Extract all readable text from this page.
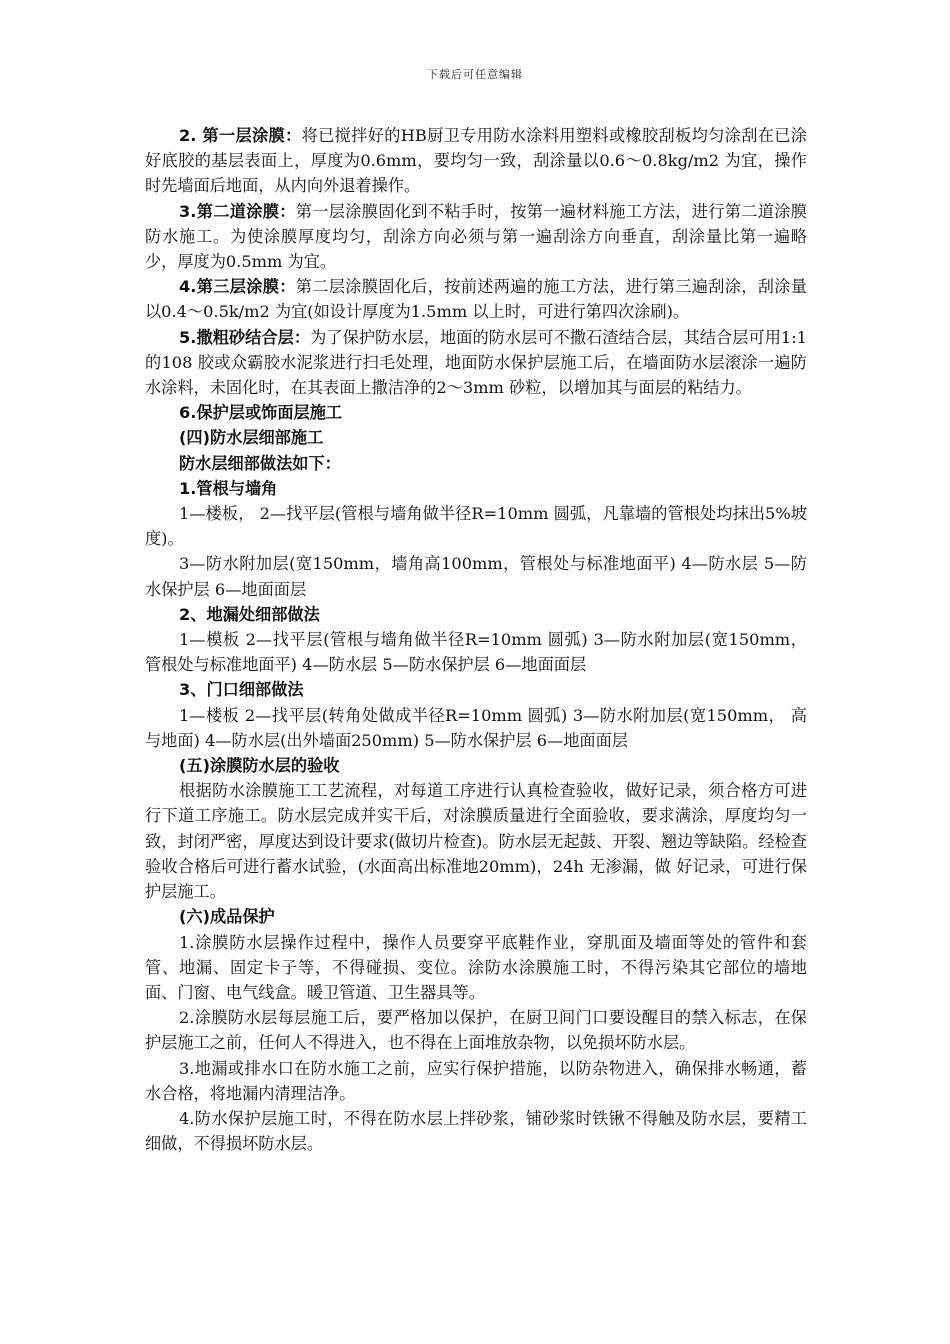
下载后可任意编辑

2. 第一层涂膜：将已搅拌好的HB厨卫专用防水涂料用塑料或橡胶刮板均匀涂刮在已涂好底胶的基层表面上，厚度为0.6mm，要均匀一致，刮涂量以0.6～0.8kg/m2 为宜，操作时先墙面后地面，从内向外退着操作。

3.第二道涂膜：第一层涂膜固化到不粘手时，按第一遍材料施工方法，进行第二道涂膜防水施工。为使涂膜厚度均匀，刮涂方向必须与第一遍刮涂方向垂直，刮涂量比第一遍略少，厚度为0.5mm 为宜。

4.第三层涂膜：第二层涂膜固化后，按前述两遍的施工方法，进行第三遍刮涂，刮涂量以0.4～0.5k/m2 为宜(如设计厚度为1.5mm 以上时，可进行第四次涂刷)。

5.撒粗砂结合层：为了保护防水层，地面的防水层可不撒石渣结合层，其结合层可用1:1 的108 胶或众霸胶水泥浆进行扫毛处理，地面防水保护层施工后，在墙面防水层滚涂一遍防水涂料，未固化时，在其表面上撒洁净的2～3mm 砂粒，以增加其与面层的粘结力。

6.保护层或饰面层施工

(四)防水层细部施工

防水层细部做法如下：

1.管根与墙角

1—楼板， 2—找平层(管根与墙角做半径R=10mm 圆弧，凡靠墙的管根处均抹出5%坡度)。

3—防水附加层(宽150mm，墙角高100mm，管根处与标准地面平) 4—防水层 5—防水保护层 6—地面面层

2、地漏处细部做法

1—模板 2—找平层(管根与墙角做半径R=10mm 圆弧) 3—防水附加层(宽150mm， 管根处与标准地面平) 4—防水层 5—防水保护层 6—地面面层

3、门口细部做法

1—楼板 2—找平层(转角处做成半径R=10mm 圆弧) 3—防水附加层(宽150mm， 高与地面) 4—防水层(出外墙面250mm) 5—防水保护层 6—地面面层

(五)涂膜防水层的验收

根据防水涂膜施工工艺流程，对每道工序进行认真检查验收，做好记录，须合格方可进行下道工序施工。防水层完成并实干后，对涂膜质量进行全面验收，要求满涂，厚度均匀一致，封闭严密，厚度达到设计要求(做切片检查)。防水层无起鼓、开裂、翘边等缺陷。经检查验收合格后可进行蓄水试验，(水面高出标准地20mm)，24h 无渗漏，做 好记录，可进行保护层施工。

(六)成品保护

1.涂膜防水层操作过程中，操作人员要穿平底鞋作业，穿肌面及墙面等处的管件和套管、地漏、固定卡子等，不得碰损、变位。涂防水涂膜施工时，不得污染其它部位的墙地面、门窗、电气线盒。暖卫管道、卫生器具等。

2.涂膜防水层每层施工后，要严格加以保护，在厨卫间门口要设醒目的禁入标志，在保护层施工之前，任何人不得进入，也不得在上面堆放杂物，以免损坏防水层。

3.地漏或排水口在防水施工之前，应实行保护措施，以防杂物进入，确保排水畅通，蓄水合格，将地漏内清理洁净。

4.防水保护层施工时，不得在防水层上拌砂浆，铺砂浆时铁锹不得触及防水层，要精工细做，不得损坏防水层。
